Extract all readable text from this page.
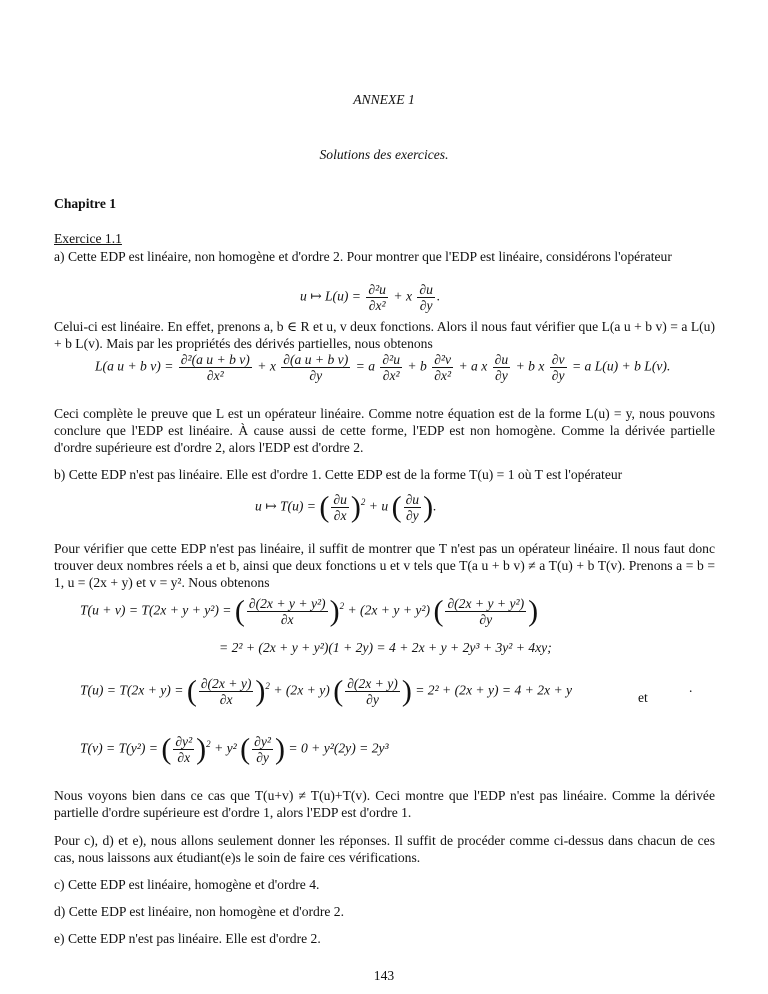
ANNEXE 1
Solutions des exercices.
Chapitre 1
Exercice 1.1
a) Cette EDP est linéaire, non homogène et d'ordre 2. Pour montrer que l'EDP est linéaire, considérons l'opérateur
u ↦ $L(u) = \frac{\text{∂²u}}{\text{∂x²}} + x \frac{\partial u}{\partial y}$ .
Celui-ci est linéaire. En effet, prenons a, b ∈ R et u, v deux fonctions. Alors il nous faut vérifier que L(a u + b v) = a L(u) + b L(v). Mais par les propriétés des dérivés partielles, nous obtenons
L(a u + b $v) = \frac{\text{∂²(a u + b v)}}{\text{∂x²}} + x \frac{\text{∂(a u + b v)}}{\partial y} = a \frac{\text{∂²u}}{\text{∂x²}} + b \frac{\text{∂²v}}{\text{∂x²}} + a$ x $\frac{\partial u}{\partial y} + b$ x $\frac{\partial v}{\partial y} = a$ L(u) + b L(v).
Ceci complète le preuve que L est un opérateur linéaire. Comme notre équation est de la forme L(u) = y, nous pouvons conclure que l'EDP est linéaire. À cause aussi de cette forme, l'EDP est non homogène. Comme la dérivée partielle d'ordre supérieure est d'ordre 2, alors l'EDP est d'ordre 2.
b) Cette EDP n'est pas linéaire. Elle est d'ordre 1. Cette EDP est de la forme T(u) = 1 où T est l'opérateur
u ↦ T(u) = ( $\frac{\partial u}{\partial x} )^2 + u$ ( $\frac{\partial u}{\partial y}$ ).
Pour vérifier que cette EDP n'est pas linéaire, il suffit de montrer que T n'est pas un opérateur linéaire. Il nous faut donc trouver deux nombres réels a et b, ainsi que deux fonctions u et v tels que T(a u + b v) ≠ a T(u) + b T(v). Prenons a = b = 1, u = (2x + y) et v = y². Nous obtenons
T(u + v) = T(2x + y + y²) = ( $\frac{\text{∂(2x + y + y²)}}{\partial x} )^2 + (2x + y + y^2)$ ( $\frac{\text{∂(2x + y + y²)}}{\partial y}$ )
= 2² + (2x + y + y²)(1 + 2y) = 4 + 2x + y + 2y³ + 3y² + 4xy;
T(u) = T(2x + y) = ( $\frac{\partial(2x + y)}{\partial x} )^2 + (2x + y)$ ( $\frac{\partial(2x + y)}{\partial y}$ ) = 2² + (2x + y) = 4 + 2x + y	et
.
T(v) = T(y²) = ( $\frac{\text{∂y²}}{\partial x} )^2 + y^2$ ( $\frac{\text{∂y²}}{\partial y}$ ) = 0 + y²(2y) = 2y³
Nous voyons bien dans ce cas que T(u+v) ≠ T(u)+T(v). Ceci montre que l'EDP n'est pas linéaire. Comme la dérivée partielle d'ordre supérieure est d'ordre 1, alors l'EDP est d'ordre 1.
Pour c), d) et e), nous allons seulement donner les réponses. Il suffit de procéder comme ci-dessus dans chacun de ces cas, nous laissons aux étudiant(e)s le soin de faire ces vérifications.
c) Cette EDP est linéaire, homogène et d'ordre 4.
d) Cette EDP est linéaire, non homogène et d'ordre 2.
e) Cette EDP n'est pas linéaire. Elle est d'ordre 2.
143
